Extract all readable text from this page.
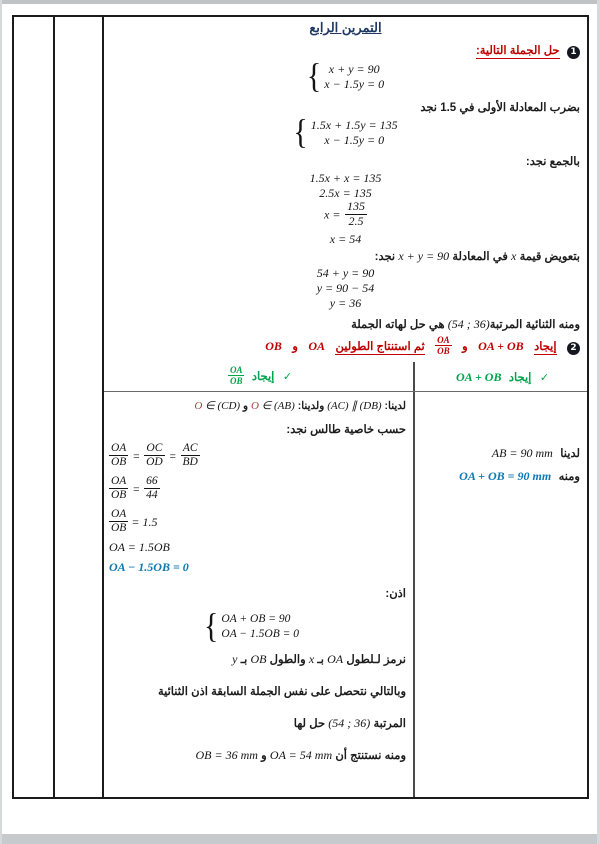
التمرين الرابع
1 حل الجملة التالية:
{ x + y = 90
x − 1.5y = 0
بضرب المعادلة الأولى في 1.5 نجد
{ 1.5x + 1.5y = 135
x − 1.5y = 0
بالجمع نجد:
1.5x + x = 135
2.5x = 135
$x = \frac{135}{2.5}$
x = 54
بتعويض قيمة x في المعادلة x + y = 90 نجد:
54 + y = 90
y = 90 − 54
y = 36
ومنه الثنائية المرتبة(54 ; 36) هي حل لهاته الجملة
2 إيجاد OA + OB و
$\frac{OA}{OB}$
ثم استنتاج الطولين OA و OB
✓ إيجاد OA + OB
لدينا AB = 90 mm
ومنه OA + OB = 90 mm
✓ إيجاد
$\frac{OA}{OB}$
لدينا: (AC) ∥ (DB) ولدينا: O ∈ (AB) و O ∈ (CD)
حسب خاصية طالس نجد:
$\frac{OA}{OB} = \frac{OC}{OD} = \frac{AC}{BD}$
$\frac{OA}{OB} = \frac{66}{44}$
$\frac{OA}{OB} = 1.5$
OA = 1.5OB
OA − 1.5OB = 0
اذن:
{ OA + OB = 90
OA − 1.5OB = 0
نرمز لـلطول OA بـ x والطول OB بـ y
وبالتالي نتحصل على نفس الجملة السابقة اذن الثنائية
المرتبة (54 ; 36) حل لها
ومنه نستنتج أن OA = 54 mm و OB = 36 mm
